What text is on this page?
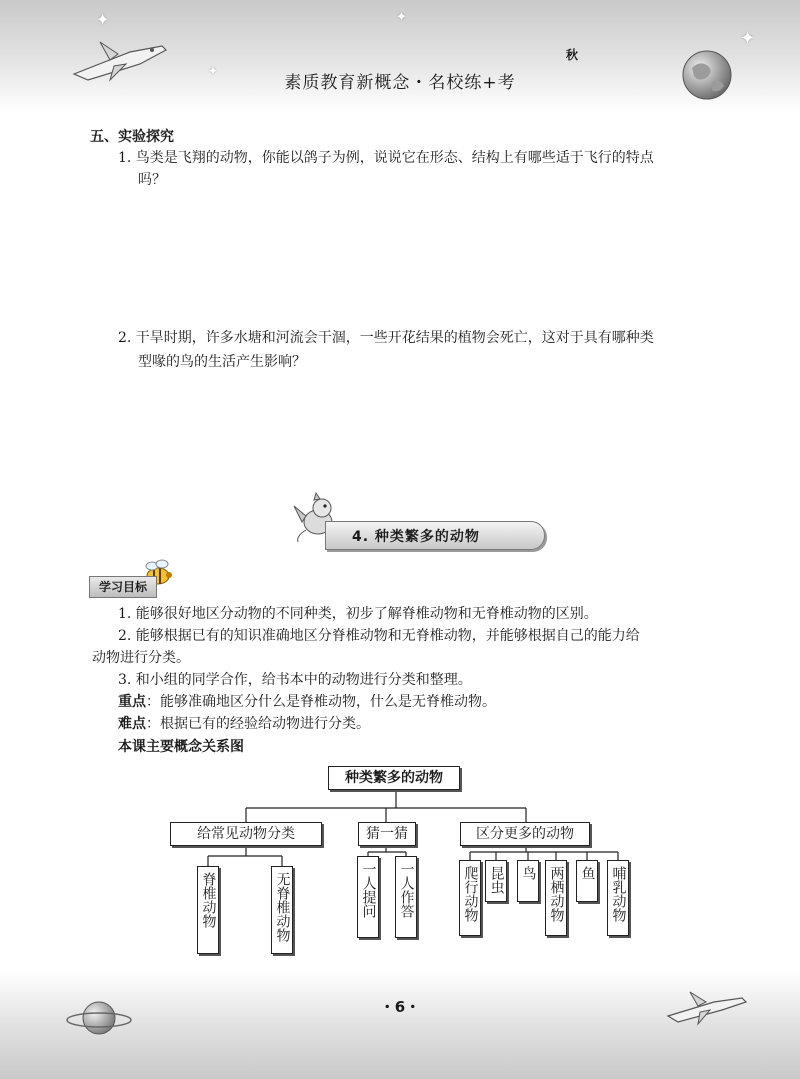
✦
✦
✦
✦
秋
素质教育新概念・名校练+考
五、实验探究
1. 鸟类是飞翔的动物，你能以鸽子为例，说说它在形态、结构上有哪些适于飞行的特点
吗？
2. 干旱时期，许多水塘和河流会干涸，一些开花结果的植物会死亡，这对于具有哪种类
型喙的鸟的生活产生影响？
4. 种类繁多的动物
学习目标
1. 能够很好地区分动物的不同种类，初步了解脊椎动物和无脊椎动物的区别。
2. 能够根据已有的知识准确地区分脊椎动物和无脊椎动物，并能够根据自己的能力给
动物进行分类。
3. 和小组的同学合作，给书本中的动物进行分类和整理。
重点：能够准确地区分什么是脊椎动物，什么是无脊椎动物。
难点：根据已有的经验给动物进行分类。
本课主要概念关系图
种类繁多的动物
给常见动物分类	猜一猜	区分更多的动物
脊椎动物	无脊椎动物	一人提问 一人作答	爬行动物 昆虫 鸟 两栖动物 鱼 哺乳动物
・6・
